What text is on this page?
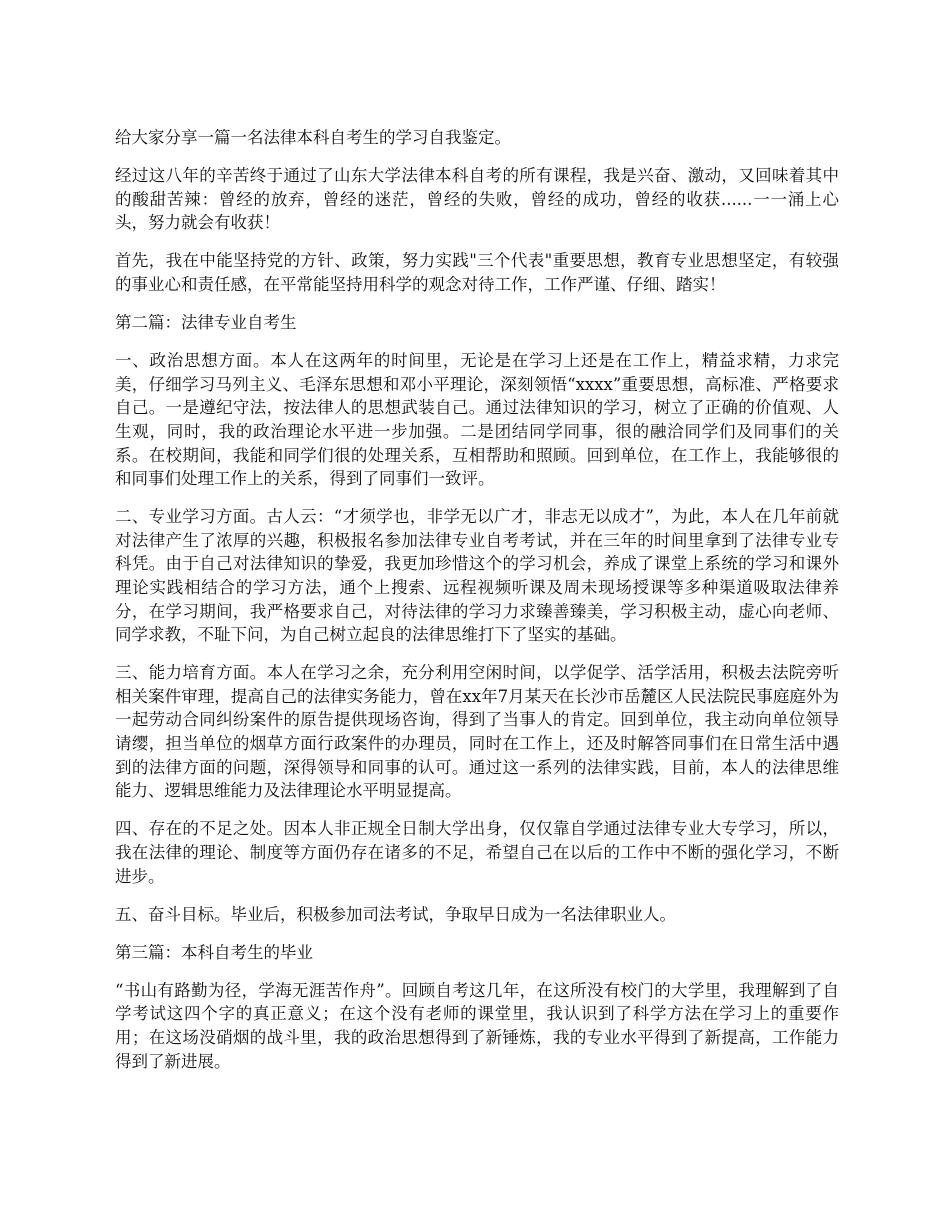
给大家分享一篇一名法律本科自考生的学习自我鉴定。

经过这八年的辛苦终于通过了山东大学法律本科自考的所有课程，我是兴奋、激动，又回味着其中的酸甜苦辣：曾经的放弃，曾经的迷茫，曾经的失败，曾经的成功，曾经的收获......一一涌上心头，努力就会有收获！

首先，我在中能坚持党的方针、政策，努力实践"三个代表"重要思想，教育专业思想坚定，有较强的事业心和责任感，在平常能坚持用科学的观念对待工作，工作严谨、仔细、踏实！

第二篇：法律专业自考生

一、政治思想方面。本人在这两年的时间里，无论是在学习上还是在工作上，精益求精，力求完美，仔细学习马列主义、毛泽东思想和邓小平理论，深刻领悟“xxxx”重要思想，高标准、严格要求自己。一是遵纪守法，按法律人的思想武装自己。通过法律知识的学习，树立了正确的价值观、人生观，同时，我的政治理论水平进一步加强。二是团结同学同事，很的融洽同学们及同事们的关系。在校期间，我能和同学们很的处理关系，互相帮助和照顾。回到单位，在工作上，我能够很的和同事们处理工作上的关系，得到了同事们一致评。

二、专业学习方面。古人云：“才须学也，非学无以广才，非志无以成才”，为此，本人在几年前就对法律产生了浓厚的兴趣，积极报名参加法律专业自考考试，并在三年的时间里拿到了法律专业专科凭。由于自己对法律知识的挚爱，我更加珍惜这个的学习机会，养成了课堂上系统的学习和课外理论实践相结合的学习方法，通个上搜索、远程视频听课及周未现场授课等多种渠道吸取法律养分，在学习期间，我严格要求自己，对待法律的学习力求臻善臻美，学习积极主动，虚心向老师、同学求教，不耻下问，为自己树立起良的法律思维打下了坚实的基础。

三、能力培育方面。本人在学习之余，充分利用空闲时间，以学促学、活学活用，积极去法院旁听相关案件审理，提高自己的法律实务能力，曾在xx年7月某天在长沙市岳麓区人民法院民事庭庭外为一起劳动合同纠纷案件的原告提供现场咨询，得到了当事人的肯定。回到单位，我主动向单位领导请缨，担当单位的烟草方面行政案件的办理员，同时在工作上，还及时解答同事们在日常生活中遇到的法律方面的问题，深得领导和同事的认可。通过这一系列的法律实践，目前，本人的法律思维能力、逻辑思维能力及法律理论水平明显提高。

四、存在的不足之处。因本人非正规全日制大学出身，仅仅靠自学通过法律专业大专学习，所以，我在法律的理论、制度等方面仍存在诸多的不足，希望自己在以后的工作中不断的强化学习，不断进步。

五、奋斗目标。毕业后，积极参加司法考试，争取早日成为一名法律职业人。

第三篇：本科自考生的毕业

“书山有路勤为径，学海无涯苦作舟”。回顾自考这几年，在这所没有校门的大学里，我理解到了自学考试这四个字的真正意义；在这个没有老师的课堂里，我认识到了科学方法在学习上的重要作用；在这场没硝烟的战斗里，我的政治思想得到了新锤炼，我的专业水平得到了新提高，工作能力得到了新进展。
